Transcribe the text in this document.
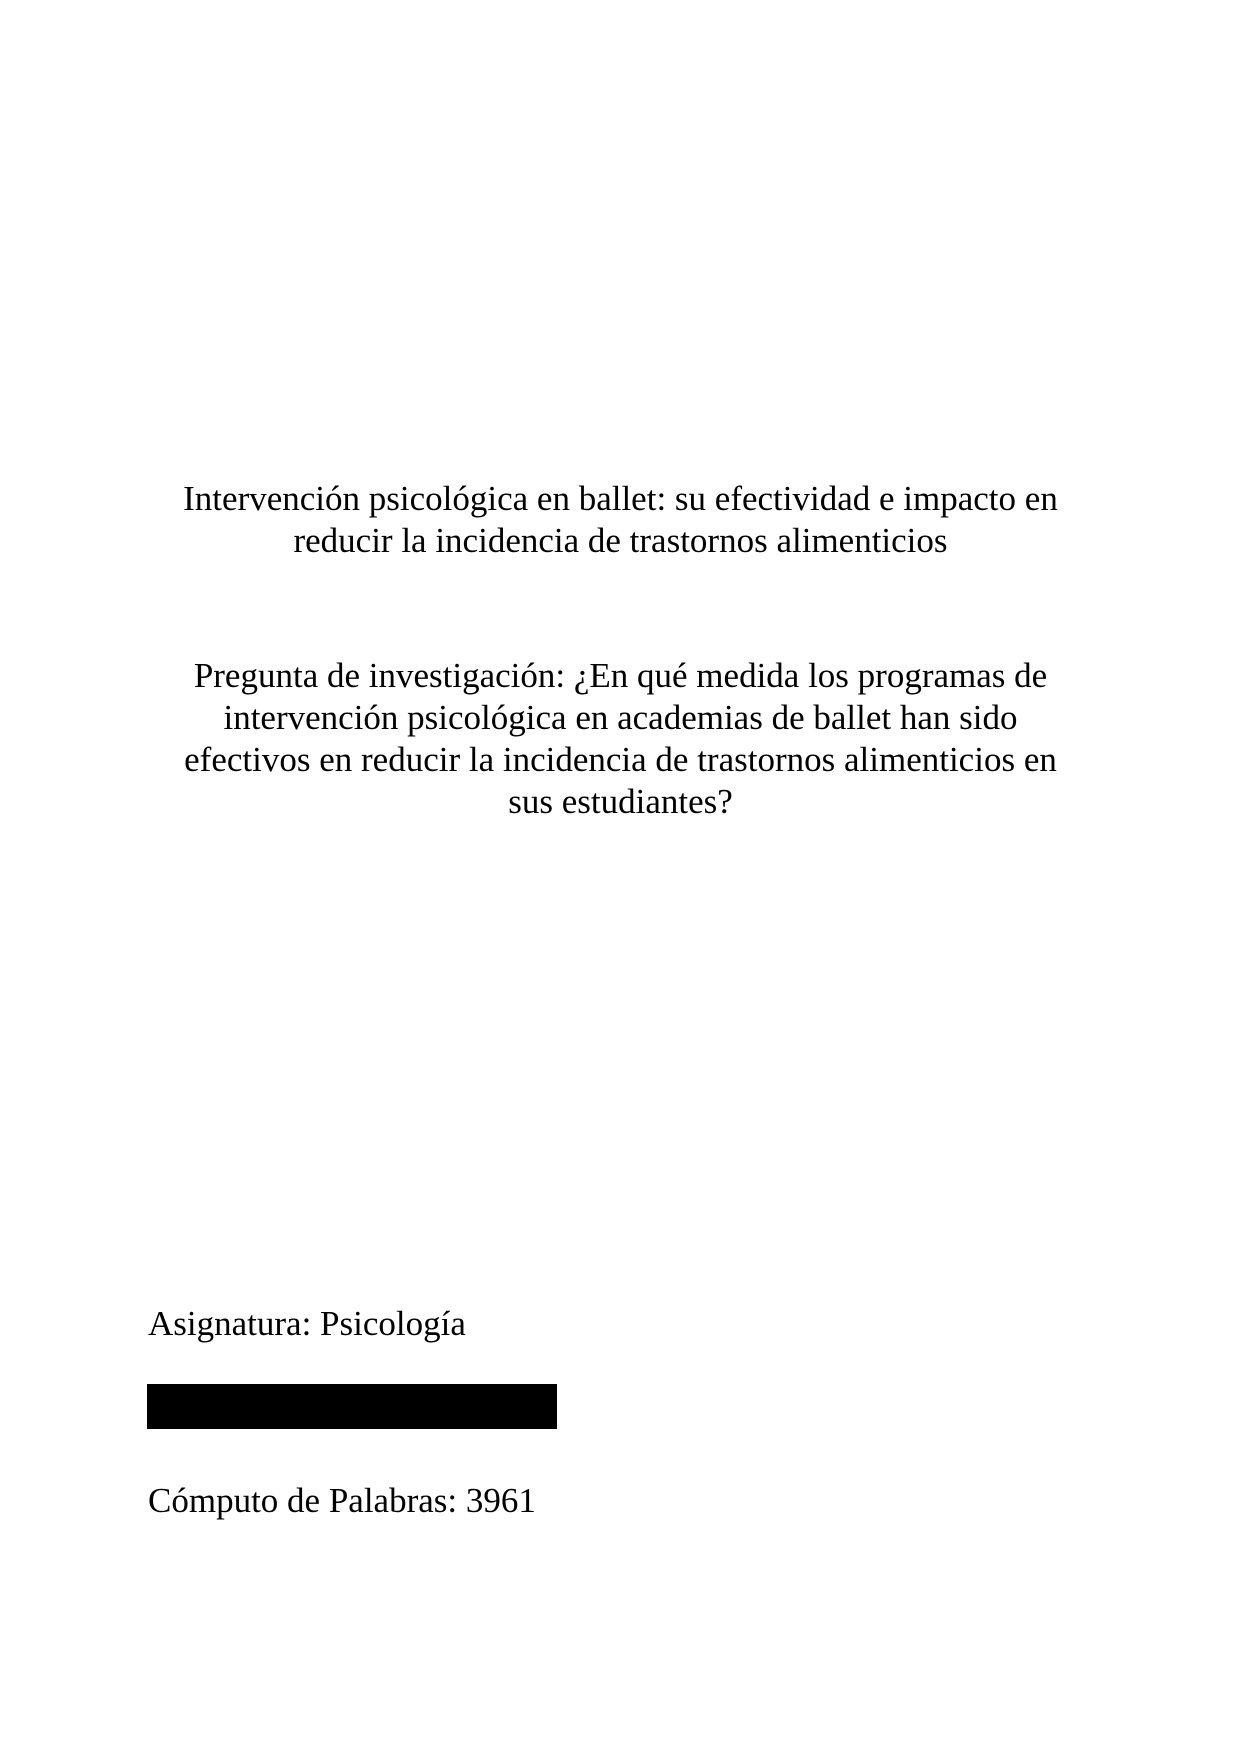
Intervención psicológica en ballet: su efectividad e impacto en
reducir la incidencia de trastornos alimenticios
Pregunta de investigación: ¿En qué medida los programas de
intervención psicológica en academias de ballet han sido
efectivos en reducir la incidencia de trastornos alimenticios en
sus estudiantes?
Asignatura: Psicología
Cómputo de Palabras: 3961
